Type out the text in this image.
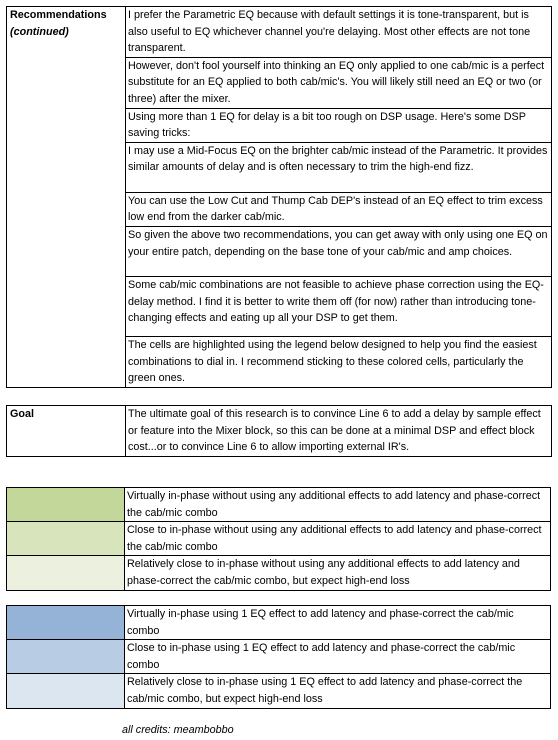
Recommendations
(continued)
	I prefer the Parametric EQ because with default settings it is tone-transparent, but is also useful to EQ whichever channel you're delaying. Most other effects are not tone transparent.
However, don't fool yourself into thinking an EQ only applied to one cab/mic is a perfect substitute for an EQ applied to both cab/mic's. You will likely still need an EQ or two (or three) after the mixer.
Using more than 1 EQ for delay is a bit too rough on DSP usage. Here's some DSP saving tricks:
I may use a Mid-Focus EQ on the brighter cab/mic instead of the Parametric. It provides similar amounts of delay and is often necessary to trim the high-end fizz.
You can use the Low Cut and Thump Cab DEP's instead of an EQ effect to trim excess low end from the darker cab/mic.
So given the above two recommendations, you can get away with only using one EQ on your entire patch, depending on the base tone of your cab/mic and amp choices.
Some cab/mic combinations are not feasible to achieve phase correction using the EQ-delay method. I find it is better to write them off (for now) rather than introducing tone-changing effects and eating up all your DSP to get them.
The cells are highlighted using the legend below designed to help you find the easiest combinations to dial in. I recommend sticking to these colored cells, particularly the green ones.
Goal	The ultimate goal of this research is to convince Line 6 to add a delay by sample effect or feature into the Mixer block, so this can be done at a minimal DSP and effect block cost...or to convince Line 6 to allow importing external IR's.
	Virtually in-phase without using any additional effects to add latency and phase-correct the cab/mic combo
	Close to in-phase without using any additional effects to add latency and phase-correct the cab/mic combo
	Relatively close to in-phase without using any additional effects to add latency and phase-correct the cab/mic combo, but expect high-end loss
	Virtually in-phase using 1 EQ effect to add latency and phase-correct the cab/mic combo
	Close to in-phase using 1 EQ effect to add latency and phase-correct the cab/mic combo
	Relatively close to in-phase using 1 EQ effect to add latency and phase-correct the cab/mic combo, but expect high-end loss
all credits: meambobbo
